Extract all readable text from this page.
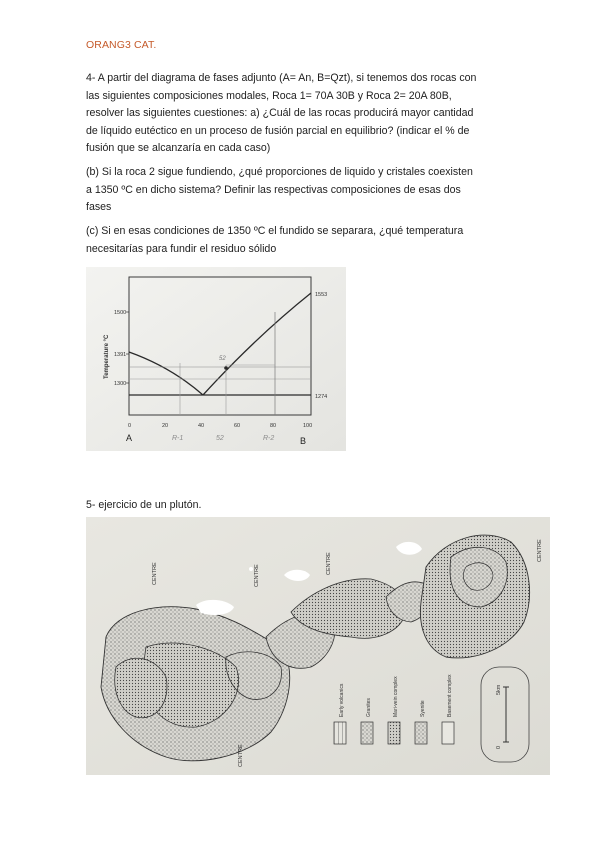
ORANG3 CAT.
4- A partir del diagrama de fases adjunto (A= An, B=Qzt), si tenemos dos rocas con
las siguientes composiciones modales, Roca 1= 70A 30B y Roca 2= 20A 80B,
resolver las siguientes cuestiones: a) ¿Cuál de las rocas producirá mayor cantidad
de líquido eutéctico en un proceso de fusión parcial en equilibrio? (indicar el % de
fusión que se alcanzaría en cada caso)
(b) Si la roca 2 sigue fundiendo, ¿qué proporciones de liquido y cristales coexisten
a 1350 ºC en dicho sistema? Definir las respectivas composiciones de esas dos
fases
(c) Si en esas condiciones de 1350 ºC el fundido se separara, ¿qué temperatura
necesitarías para fundir el residuo sólido
52
1500
1391
1300
Temperature °C
1553
1274
0	20	40	60	80	100
A	B
R-1	52	R-2
5- ejercicio de un plutón.
CENTRE	CENTRE
CENTRE
CENTRE
CENTRE
Early volcanics	Granites	Mari-vein complex	Syenite	Basement complex
0
5km
